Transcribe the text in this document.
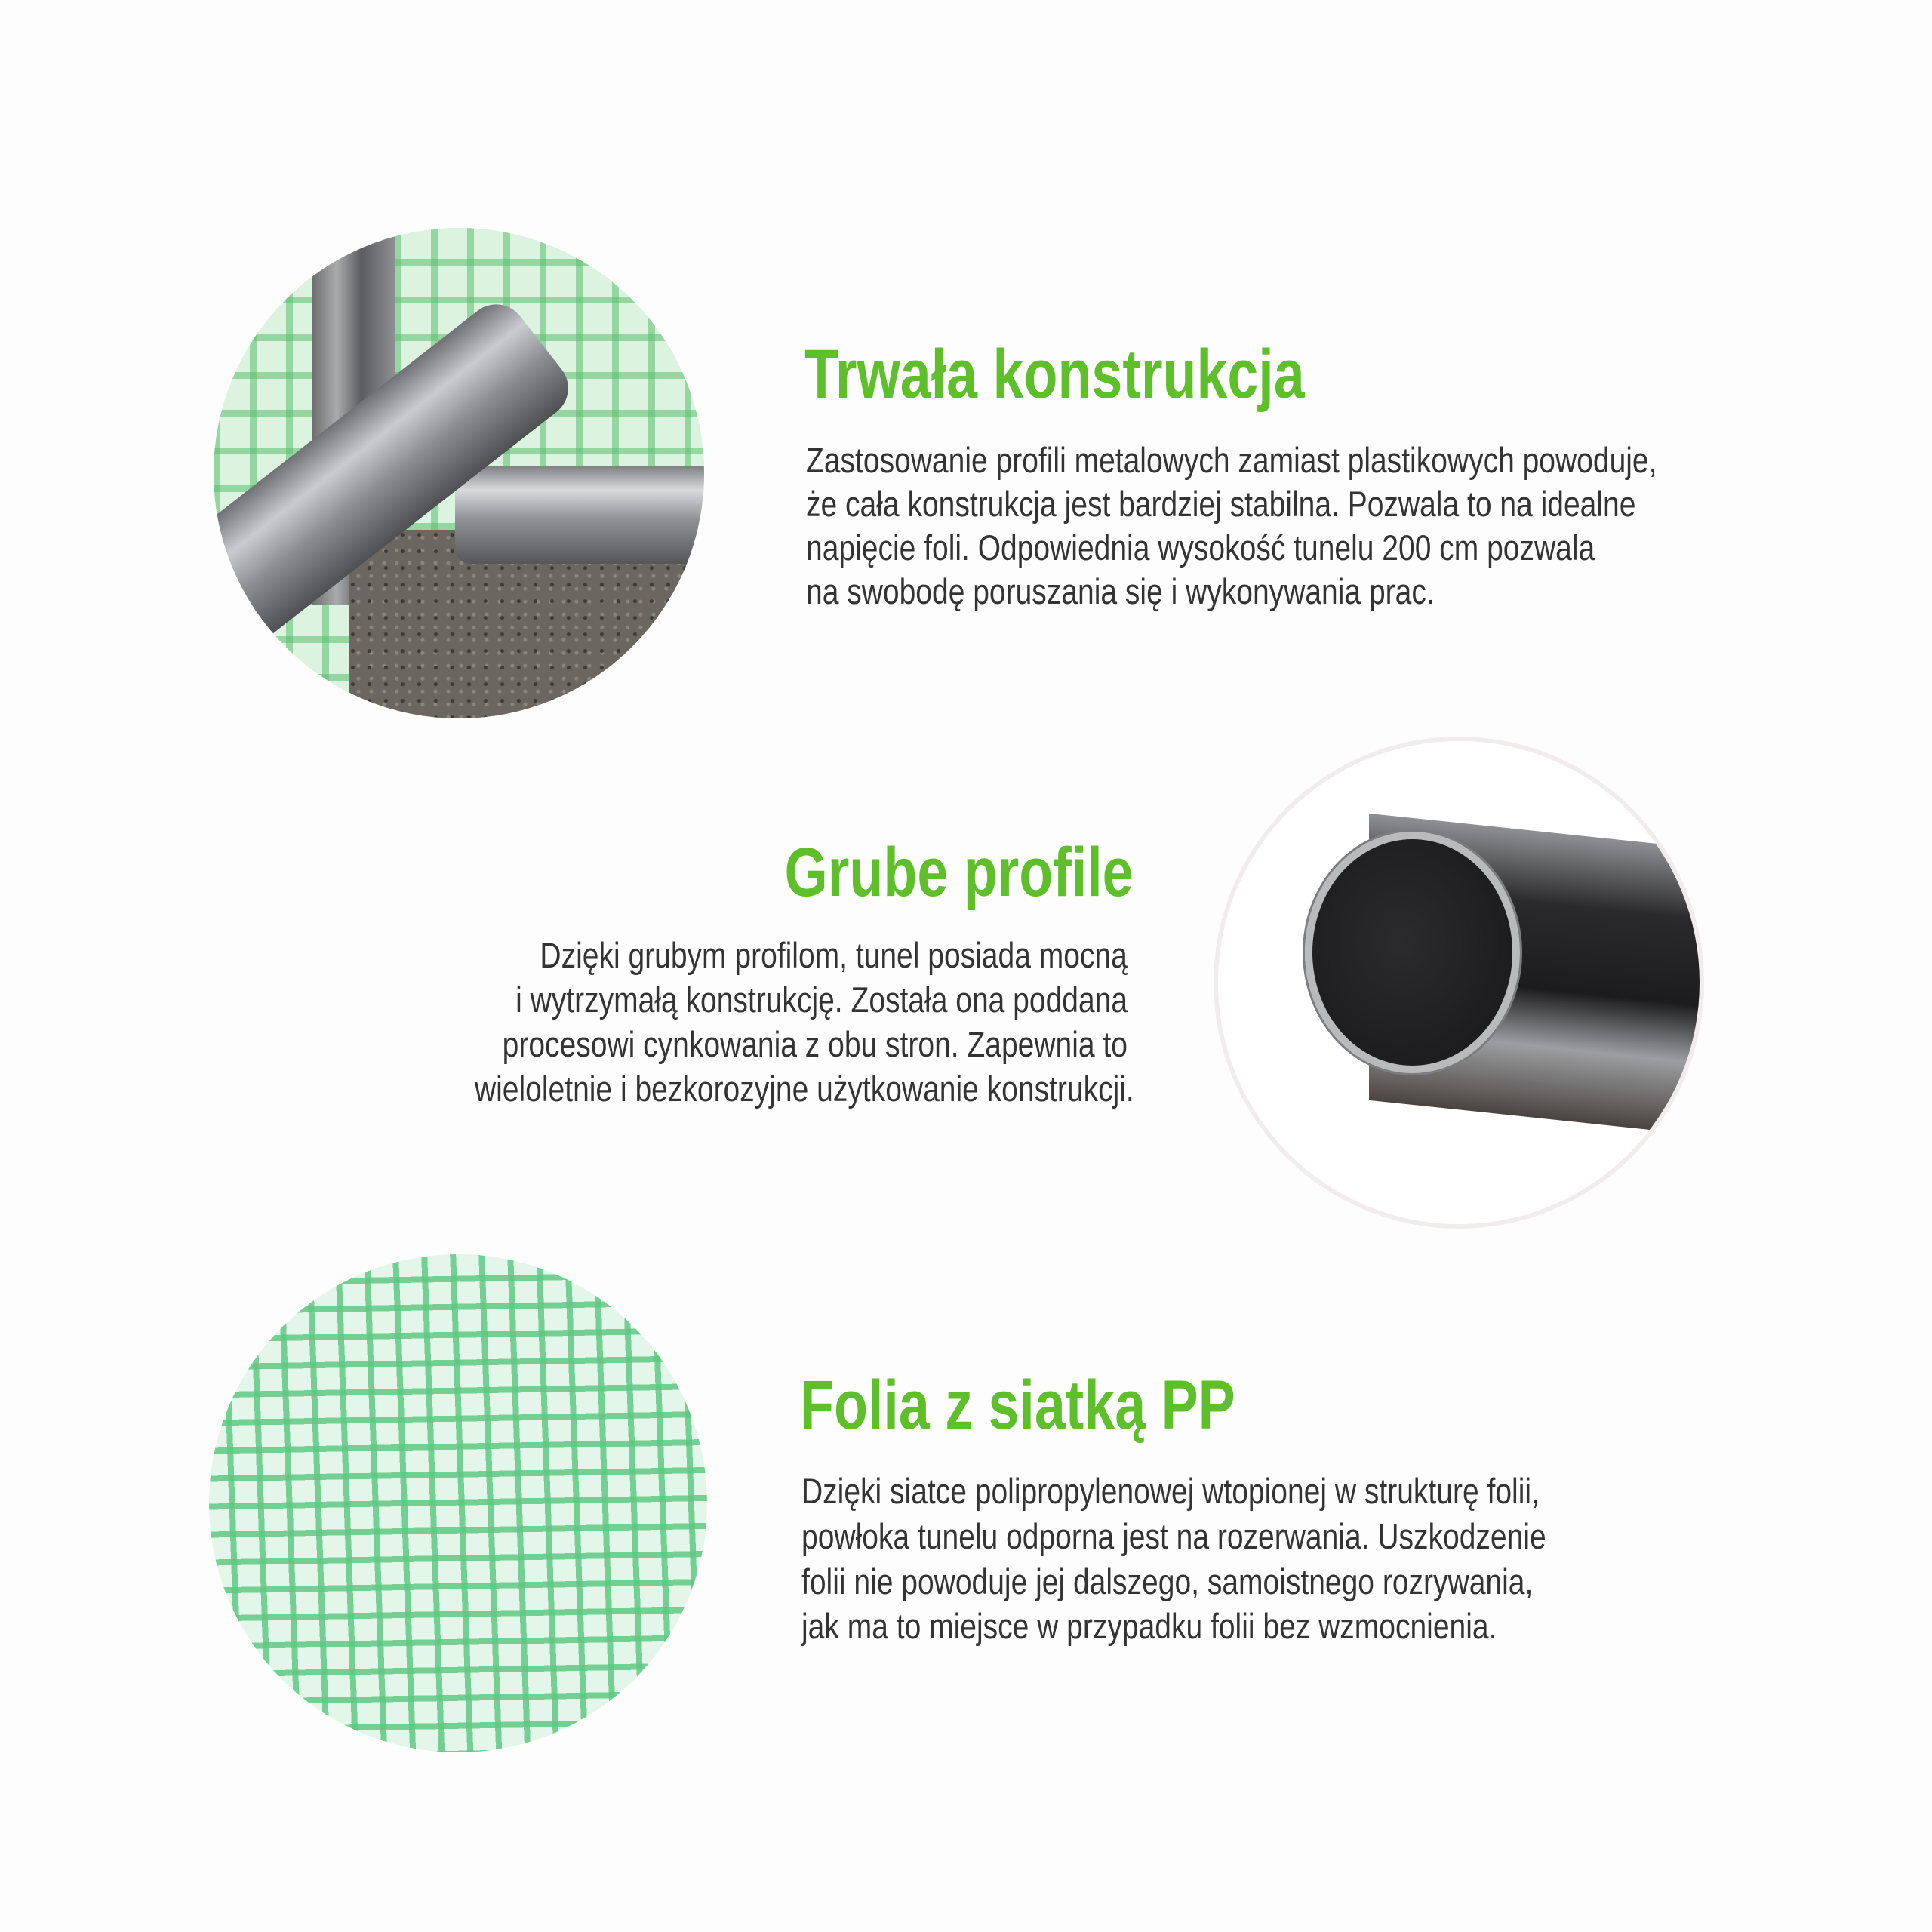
Trwała konstrukcja
Zastosowanie profili metalowych zamiast plastikowych powoduje,
że cała konstrukcja jest bardziej stabilna. Pozwala to na idealne
napięcie foli. Odpowiednia wysokość tunelu 200 cm pozwala
na swobodę poruszania się i wykonywania prac.
Grube profile
Dzięki grubym profilom, tunel posiada mocną
i wytrzymałą konstrukcję. Została ona poddana
procesowi cynkowania z obu stron. Zapewnia to
wieloletnie i bezkorozyjne użytkowanie konstrukcji.
Folia z siatką PP
Dzięki siatce polipropylenowej wtopionej w strukturę folii,
powłoka tunelu odporna jest na rozerwania. Uszkodzenie
folii nie powoduje jej dalszego, samoistnego rozrywania,
jak ma to miejsce w przypadku folii bez wzmocnienia.
